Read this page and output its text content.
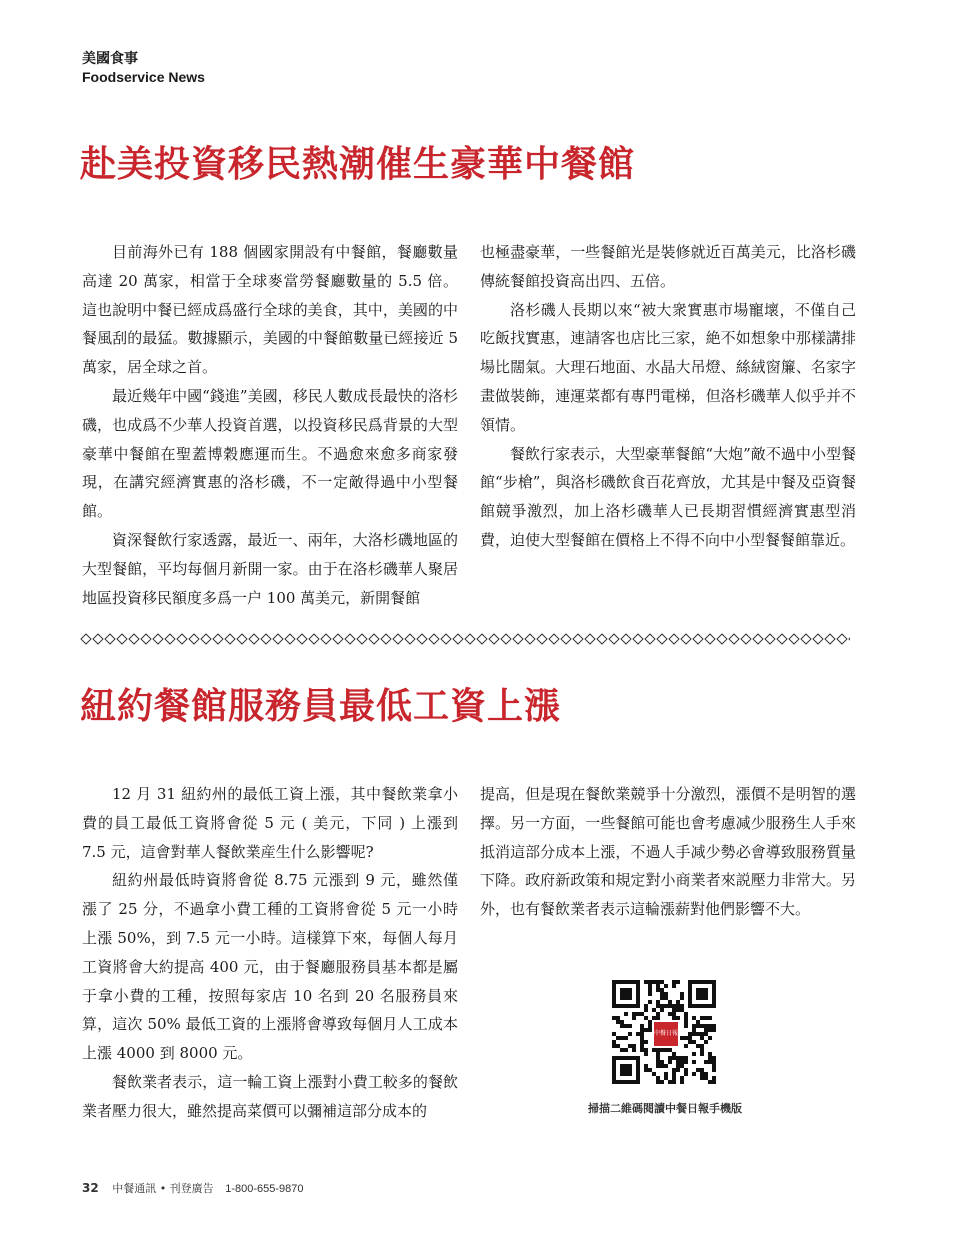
美國食事
Foodservice News
赴美投資移民熱潮催生豪華中餐館

目前海外已有 188 個國家開設有中餐館，餐廳數量高達 20 萬家，相當于全球麥當勞餐廳數量的 5.5 倍。這也說明中餐已經成爲盛行全球的美食，其中，美國的中餐風刮的最猛。數據顯示，美國的中餐館數量已經接近 5 萬家，居全球之首。

最近幾年中國“錢進”美國，移民人數成長最快的洛杉磯，也成爲不少華人投資首選，以投資移民爲背景的大型豪華中餐館在聖蓋博穀應運而生。不過愈來愈多商家發現，在講究經濟實惠的洛杉磯，不一定敵得過中小型餐館。

資深餐飲行家透露，最近一、兩年，大洛杉磯地區的大型餐館，平均每個月新開一家。由于在洛杉磯華人聚居地區投資移民額度多爲一户 100 萬美元，新開餐館

也極盡豪華，一些餐館光是裝修就近百萬美元，比洛杉磯傳統餐館投資高出四、五倍。

洛杉磯人長期以來“被大衆實惠市場寵壞，不僅自己吃飯找實惠，連請客也店比三家，絶不如想象中那樣講排場比闊氣。大理石地面、水晶大吊燈、絲絨窗簾、名家字畫做裝飾，連運菜都有專門電梯，但洛杉磯華人似乎并不領情。

餐飲行家表示，大型豪華餐館“大炮”敵不過中小型餐館“步槍”，與洛杉磯飲食百花齊放，尤其是中餐及亞資餐館競爭激烈，加上洛杉磯華人已長期習慣經濟實惠型消費，迫使大型餐館在價格上不得不向中小型餐餐館靠近。

紐約餐館服務員最低工資上漲

12 月 31 紐約州的最低工資上漲，其中餐飲業拿小費的員工最低工資將會從 5 元 ( 美元，下同 ) 上漲到 7.5 元，這會對華人餐飲業産生什么影響呢?

紐約州最低時資將會從 8.75 元漲到 9 元，雖然僅漲了 25 分，不過拿小費工種的工資將會從 5 元一小時上漲 50%，到 7.5 元一小時。這樣算下來，每個人每月工資將會大約提高 400 元，由于餐廳服務員基本都是屬于拿小費的工種，按照每家店 10 名到 20 名服務員來算，這次 50% 最低工資的上漲將會導致每個月人工成本上漲 4000 到 8000 元。

餐飲業者表示，這一輪工資上漲對小費工較多的餐飲業者壓力很大，雖然提高菜價可以彌補這部分成本的

提高，但是現在餐飲業競爭十分激烈，漲價不是明智的選擇。另一方面，一些餐館可能也會考慮减少服務生人手來抵消這部分成本上漲，不過人手减少勢必會導致服務質量下降。政府新政策和規定對小商業者來説壓力非常大。另外，也有餐飲業者表示這輪漲薪對他們影響不大。

中餐日報
掃描二維碼閱讀中餐日報手機版
32 中餐通訊 • 刊登廣告 1-800-655-9870
